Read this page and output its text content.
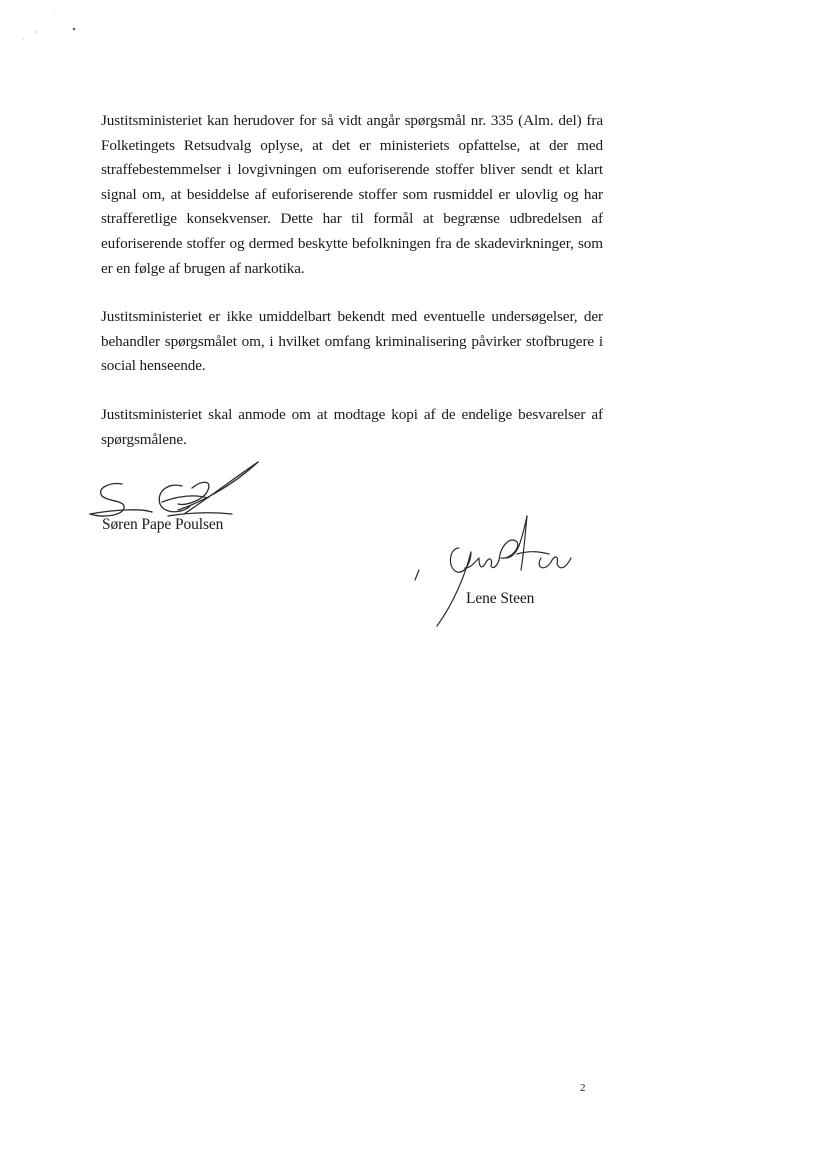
Justitsministeriet kan herudover for så vidt angår spørgsmål nr. 335 (Alm. del) fra Folketingets Retsudvalg oplyse, at det er ministeriets opfattelse, at der med straffebestemmelser i lovgivningen om euforiserende stoffer bliver sendt et klart signal om, at besiddelse af euforiserende stoffer som rusmiddel er ulovlig og har strafferetlige konsekvenser. Dette har til formål at begrænse udbredelsen af euforiserende stoffer og dermed beskytte befolkningen fra de skadevirkninger, som er en følge af brugen af narkotika.

Justitsministeriet er ikke umiddelbart bekendt med eventuelle undersøgelser, der behandler spørgsmålet om, i hvilket omfang kriminalisering påvirker stofbrugere i social henseende.

Justitsministeriet skal anmode om at modtage kopi af de endelige besvarelser af spørgsmålene.

Søren Pape Poulsen
Lene Steen
2
